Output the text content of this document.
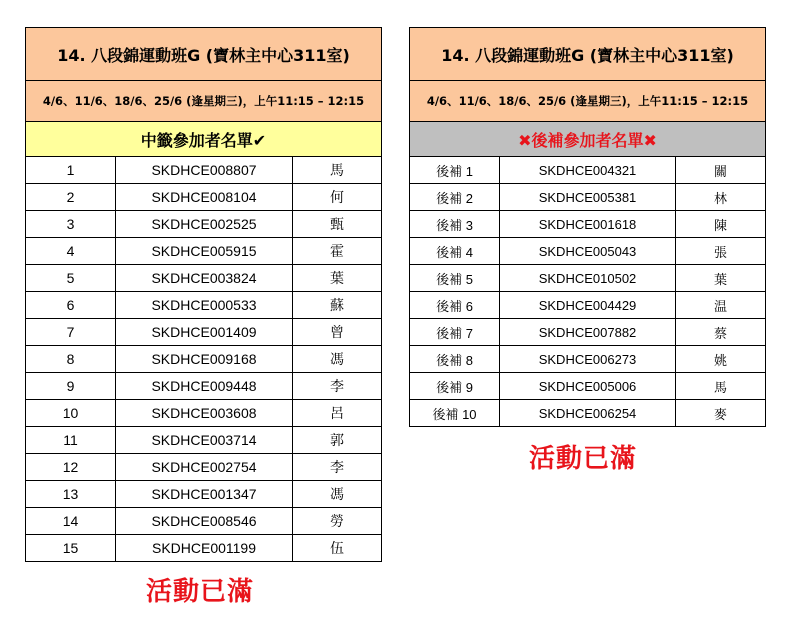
14. 八段錦運動班G (寶林主中心311室)		
4/6、11/6、18/6、25/6 (逢星期三)，上午11:15 – 12:15		
中籤參加者名單✔		
1	SKDHCE008807	馬
2	SKDHCE008104	何
3	SKDHCE002525	甄
4	SKDHCE005915	霍
5	SKDHCE003824	葉
6	SKDHCE000533	蘇
7	SKDHCE001409	曾
8	SKDHCE009168	馮
9	SKDHCE009448	李
10	SKDHCE003608	呂
11	SKDHCE003714	郭
12	SKDHCE002754	李
13	SKDHCE001347	馮
14	SKDHCE008546	勞
15	SKDHCE001199	伍
活動已滿
14. 八段錦運動班G (寶林主中心311室)		
4/6、11/6、18/6、25/6 (逢星期三)，上午11:15 – 12:15		
✖後補參加者名單✖		
後補 1	SKDHCE004321	關
後補 2	SKDHCE005381	林
後補 3	SKDHCE001618	陳
後補 4	SKDHCE005043	張
後補 5	SKDHCE010502	葉
後補 6	SKDHCE004429	温
後補 7	SKDHCE007882	蔡
後補 8	SKDHCE006273	姚
後補 9	SKDHCE005006	馬
後補 10	SKDHCE006254	麥
活動已滿
